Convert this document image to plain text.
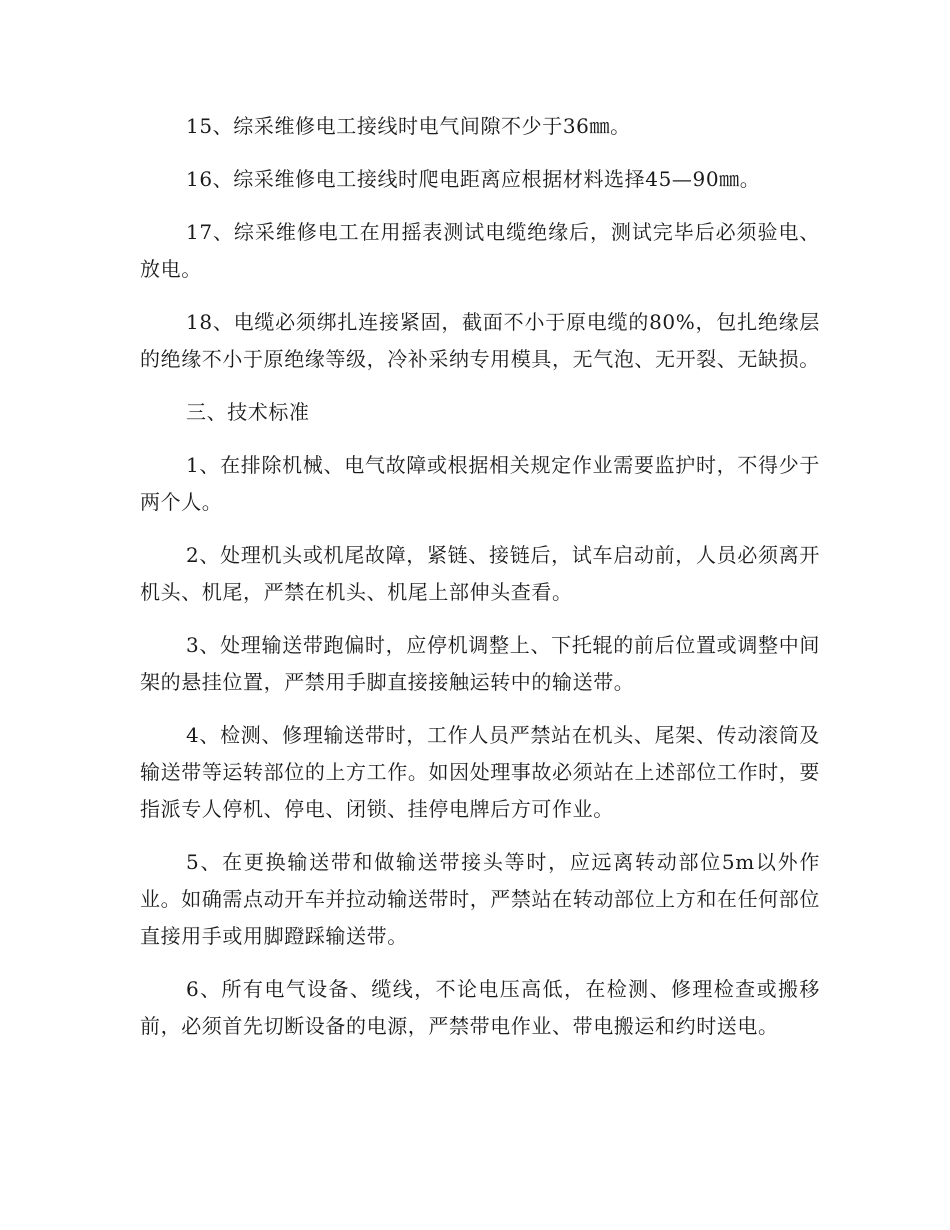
15、综采维修电工接线时电气间隙不少于36㎜。

16、综采维修电工接线时爬电距离应根据材料选择45—90㎜。

17、综采维修电工在用摇表测试电缆绝缘后，测试完毕后必须验电、放电。

18、电缆必须绑扎连接紧固，截面不小于原电缆的80%，包扎绝缘层的绝缘不小于原绝缘等级，冷补采纳专用模具，无气泡、无开裂、无缺损。

三、技术标准

1、在排除机械、电气故障或根据相关规定作业需要监护时，不得少于两个人。

2、处理机头或机尾故障，紧链、接链后，试车启动前，人员必须离开机头、机尾，严禁在机头、机尾上部伸头查看。

3、处理输送带跑偏时，应停机调整上、下托辊的前后位置或调整中间架的悬挂位置，严禁用手脚直接接触运转中的输送带。

4、检测、修理输送带时，工作人员严禁站在机头、尾架、传动滚筒及输送带等运转部位的上方工作。如因处理事故必须站在上述部位工作时，要指派专人停机、停电、闭锁、挂停电牌后方可作业。

5、在更换输送带和做输送带接头等时，应远离转动部位5m以外作业。如确需点动开车并拉动输送带时，严禁站在转动部位上方和在任何部位直接用手或用脚蹬踩输送带。

6、所有电气设备、缆线，不论电压高低，在检测、修理检查或搬移前，必须首先切断设备的电源，严禁带电作业、带电搬运和约时送电。
